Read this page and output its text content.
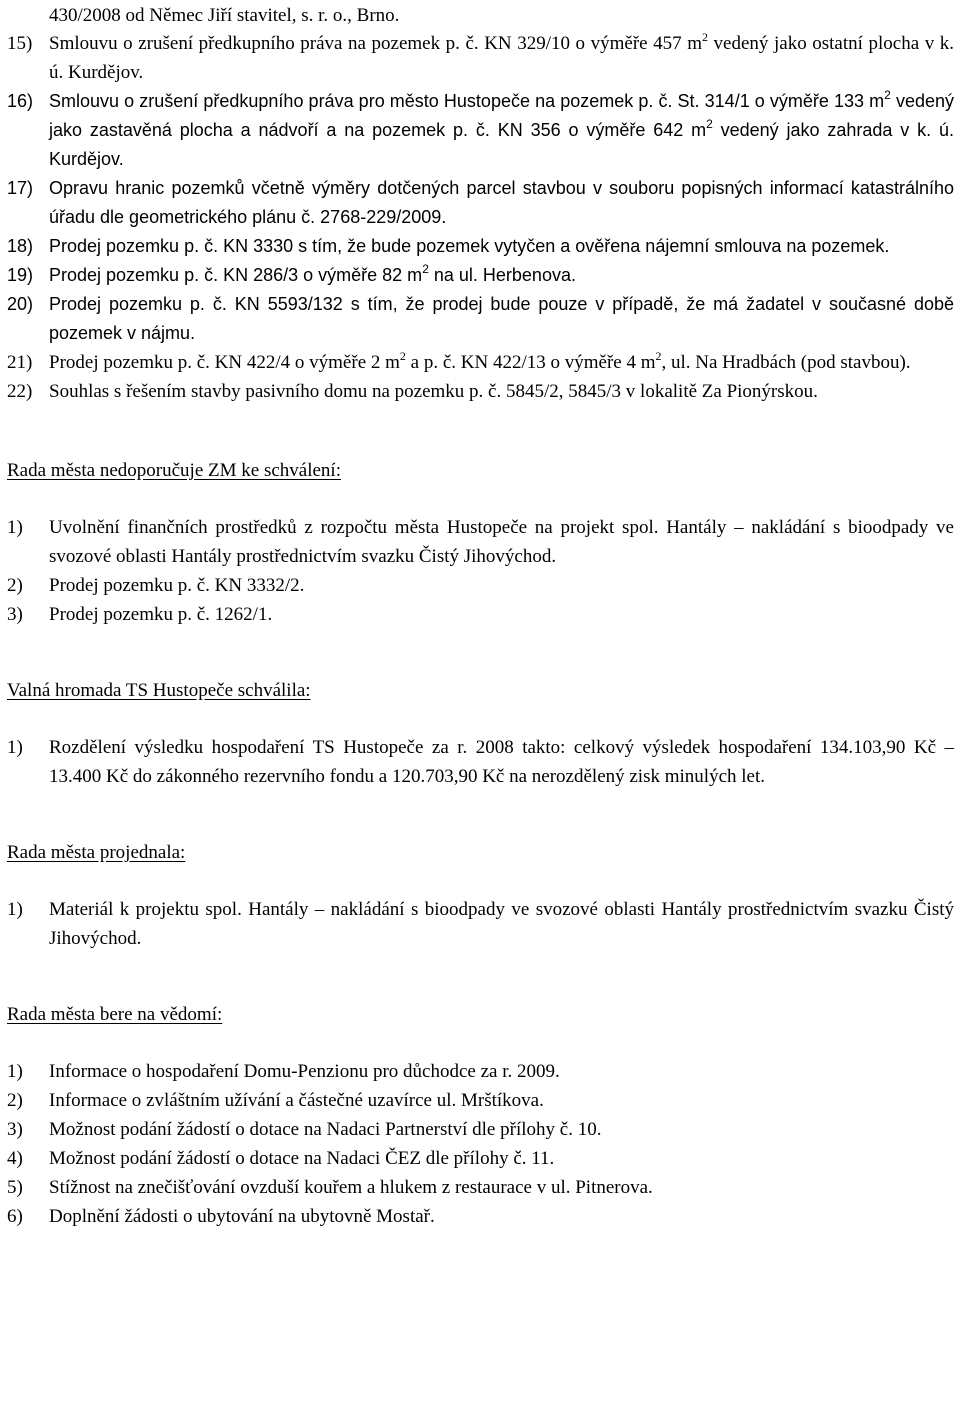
430/2008 od Němec Jiří stavitel, s. r. o., Brno.

15) Smlouvu o zrušení předkupního práva na pozemek p. č. KN 329/10 o výměře 457 $m^2$ vedený jako ostatní plocha v k. ú. Kurdějov.
16) Smlouvu o zrušení předkupního práva pro město Hustopeče na pozemek p. č. St. 314/1 o výměře 133 $m^2$ vedený jako zastavěná plocha a nádvoří a na pozemek p. č. KN 356 o výměře 642 $m^2$ vedený jako zahrada v k. ú. Kurdějov.
17) Opravu hranic pozemků včetně výměry dotčených parcel stavbou v souboru popisných informací katastrálního úřadu dle geometrického plánu č. 2768-229/2009.
18) Prodej pozemku p. č. KN 3330 s tím, že bude pozemek vytyčen a ověřena nájemní smlouva na pozemek.
19) Prodej pozemku p. č. KN 286/3 o výměře 82 $m^2$ na ul. Herbenova.
20) Prodej pozemku p. č. KN 5593/132 s tím, že prodej bude pouze v případě, že má žadatel v současné době pozemek v nájmu.
21) Prodej pozemku p. č. KN 422/4 o výměře 2 $m^2$ a p. č. KN 422/13 o výměře 4 $m^2$, ul. Na Hradbách (pod stavbou).
22) Souhlas s řešením stavby pasivního domu na pozemku p. č. 5845/2, 5845/3 v lokalitě Za Pionýrskou.

Rada města nedoporučuje ZM ke schválení:

1) Uvolnění finančních prostředků z rozpočtu města Hustopeče na projekt spol. Hantály – nakládání s bioodpady ve svozové oblasti Hantály prostřednictvím svazku Čistý Jihovýchod.
2) Prodej pozemku p. č. KN 3332/2.
3) Prodej pozemku p. č. 1262/1.

Valná hromada TS Hustopeče schválila:

1) Rozdělení výsledku hospodaření TS Hustopeče za r. 2008 takto: celkový výsledek hospodaření 134.103,90 Kč – 13.400 Kč do zákonného rezervního fondu a 120.703,90 Kč na nerozdělený zisk minulých let.

Rada města projednala:

1) Materiál k projektu spol. Hantály – nakládání s bioodpady ve svozové oblasti Hantály prostřednictvím svazku Čistý Jihovýchod.

Rada města bere na vědomí:

1) Informace o hospodaření Domu-Penzionu pro důchodce za r. 2009.
2) Informace o zvláštním užívání a částečné uzavírce ul. Mrštíkova.
3) Možnost podání žádostí o dotace na Nadaci Partnerství dle přílohy č. 10.
4) Možnost podání žádostí o dotace na Nadaci ČEZ dle přílohy č. 11.
5) Stížnost na znečišťování ovzduší kouřem a hlukem z restaurace v ul. Pitnerova.
6) Doplnění žádosti o ubytování na ubytovně Mostař.
